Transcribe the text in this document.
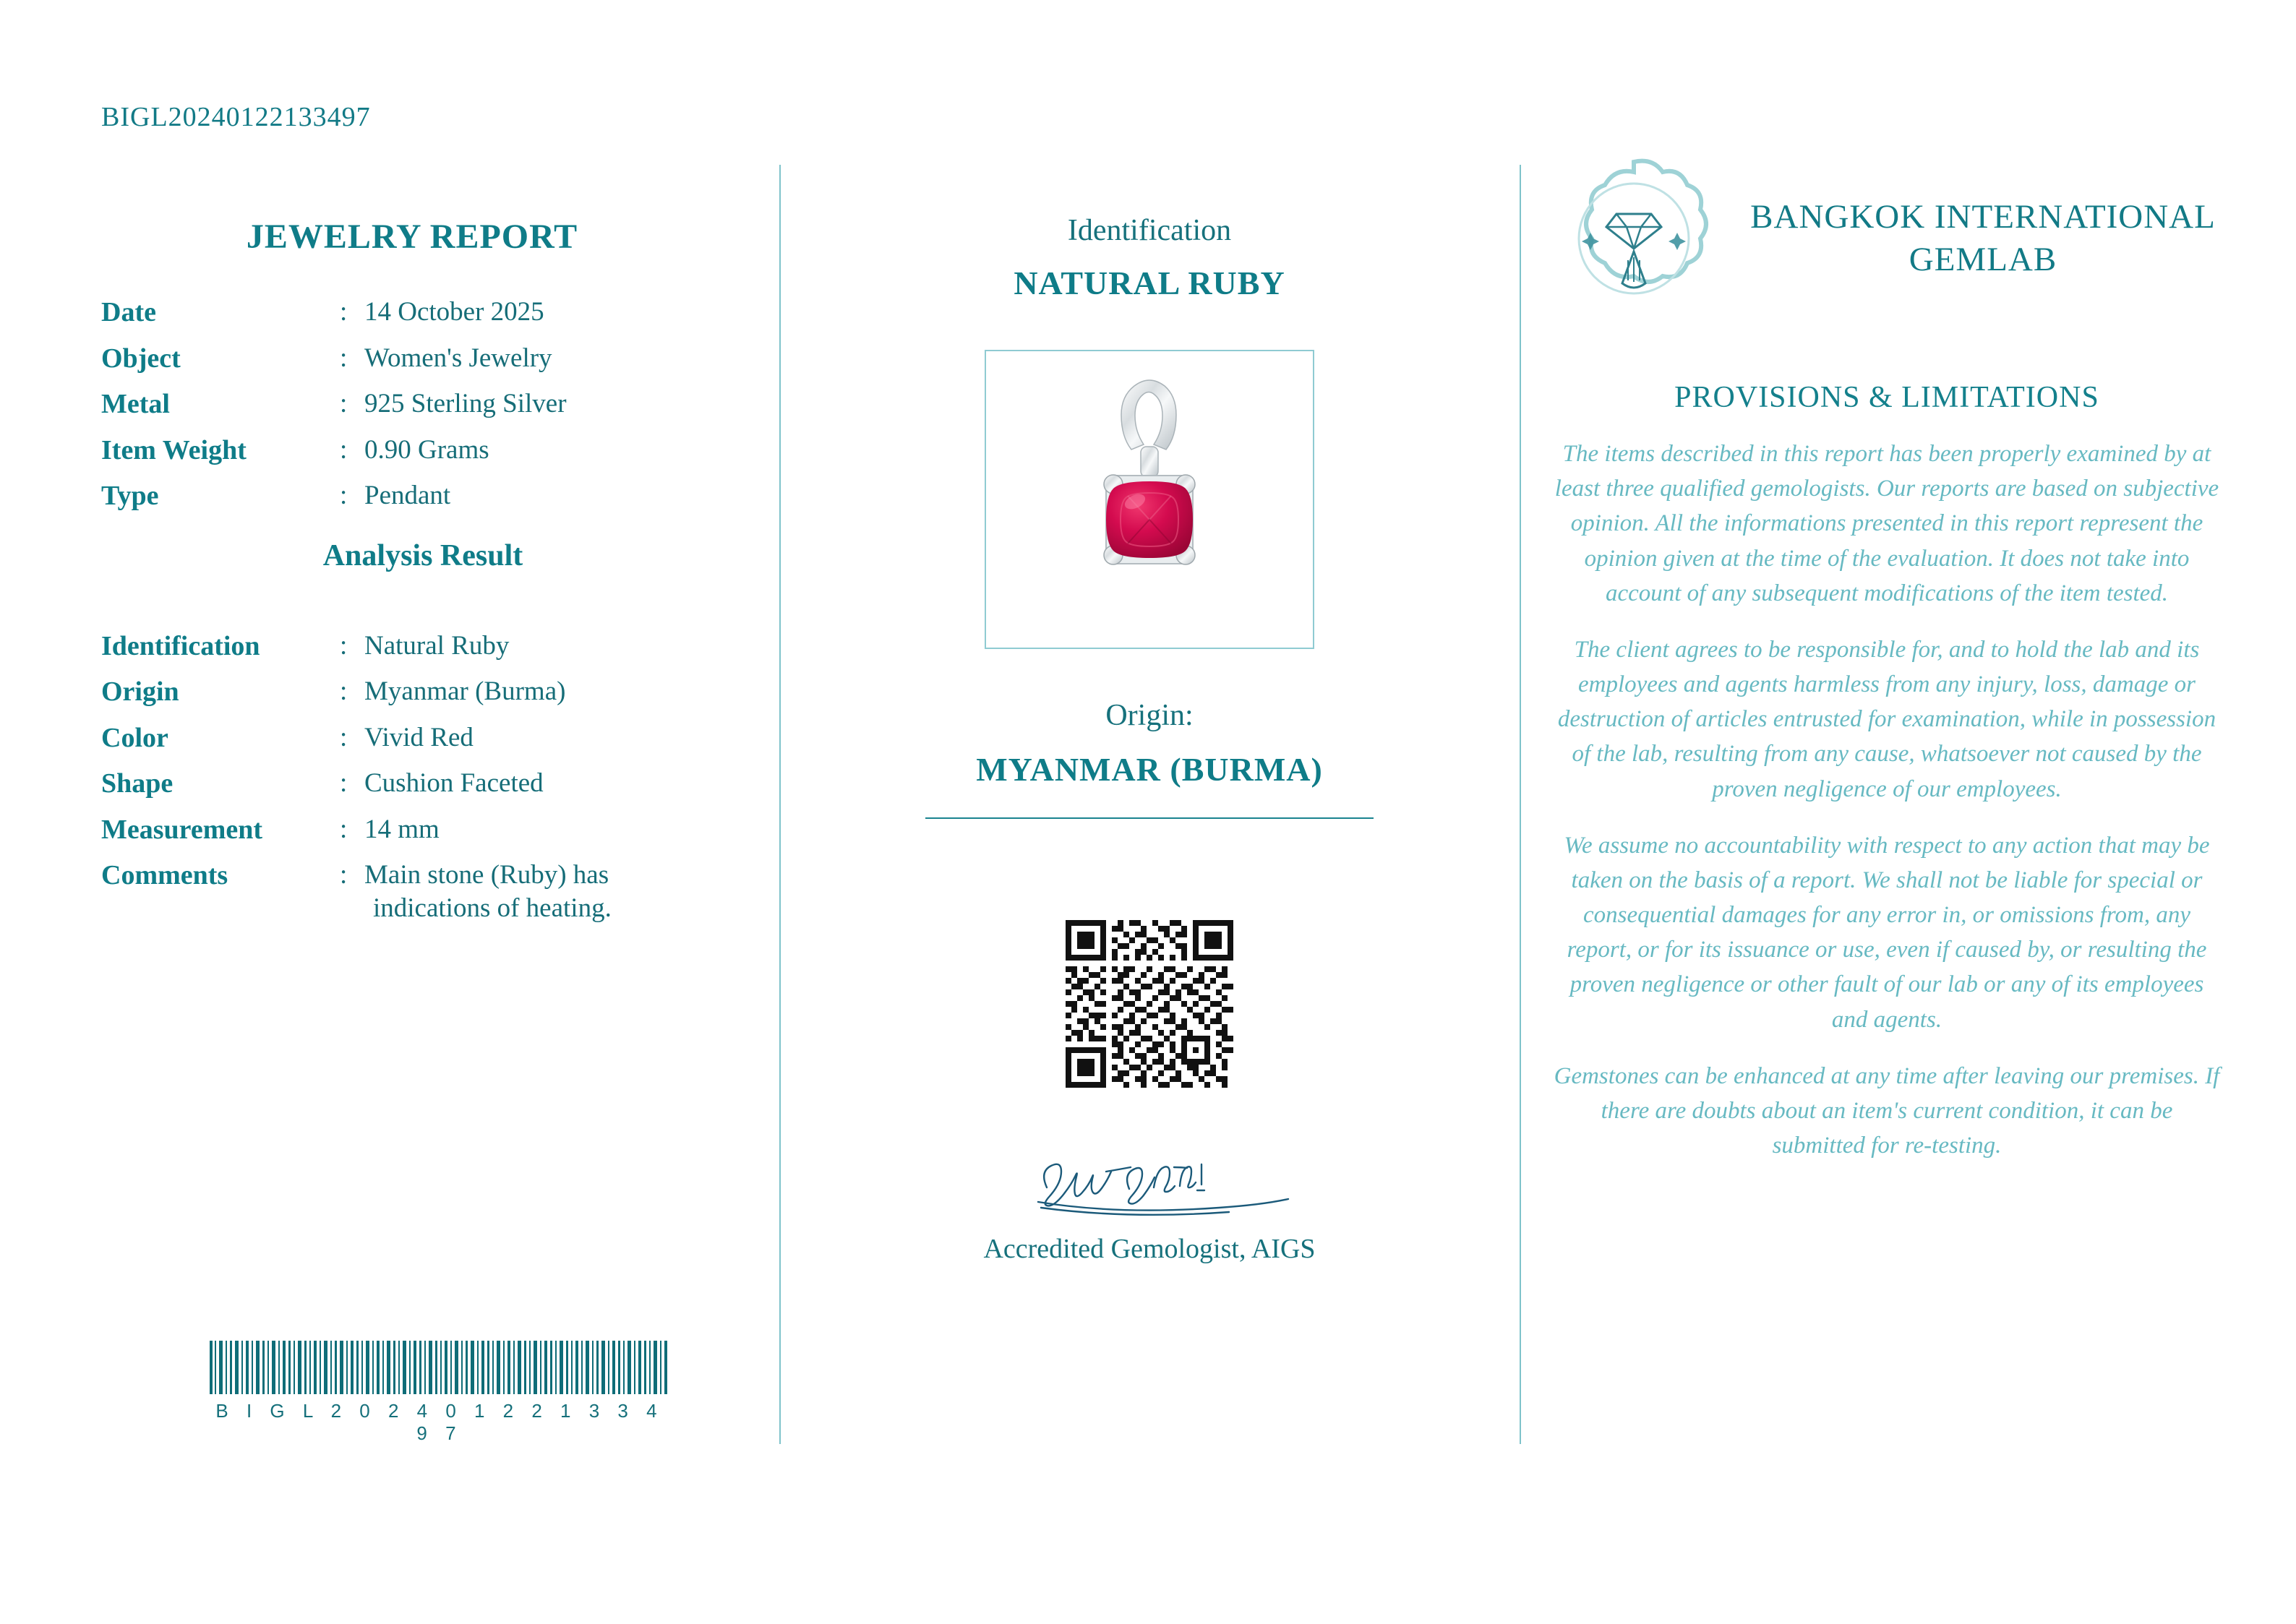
BIGL20240122133497
JEWELRY REPORT
Date	: 14 October 2025
Object	: Women's Jewelry
Metal	: 925 Sterling Silver
Item Weight	: 0.90 Grams
Type	: Pendant
Analysis Result
Identification	: Natural Ruby
Origin	: Myanmar (Burma)
Color	: Vivid Red
Shape	: Cushion Faceted
Measurement	: 14 mm
Comments	: Main stone (Ruby) has
indications of heating.
B I G L 2 0 2 4 0 1 2 2 1 3 3 4 9 7
Identification
NATURAL RUBY
Origin:
MYANMAR (BURMA)
Accredited Gemologist, AIGS
BANGKOK INTERNATIONAL GEMLAB
PROVISIONS & LIMITATIONS
The items described in this report has been properly examined by at least three qualified gemologists. Our reports are based on subjective opinion. All the informations presented in this report represent the opinion given at the time of the evaluation. It does not take into account of any subsequent modifications of the item tested.
The client agrees to be responsible for, and to hold the lab and its employees and agents harmless from any injury, loss, damage or destruction of articles entrusted for examination, while in possession of the lab, resulting from any cause, whatsoever not caused by the proven negligence of our employees.
We assume no accountability with respect to any action that may be taken on the basis of a report. We shall not be liable for special or consequential damages for any error in, or omissions from, any report, or for its issuance or use, even if caused by, or resulting the proven negligence or other fault of our lab or any of its employees and agents.
Gemstones can be enhanced at any time after leaving our premises. If there are doubts about an item's current condition, it can be submitted for re-testing.
